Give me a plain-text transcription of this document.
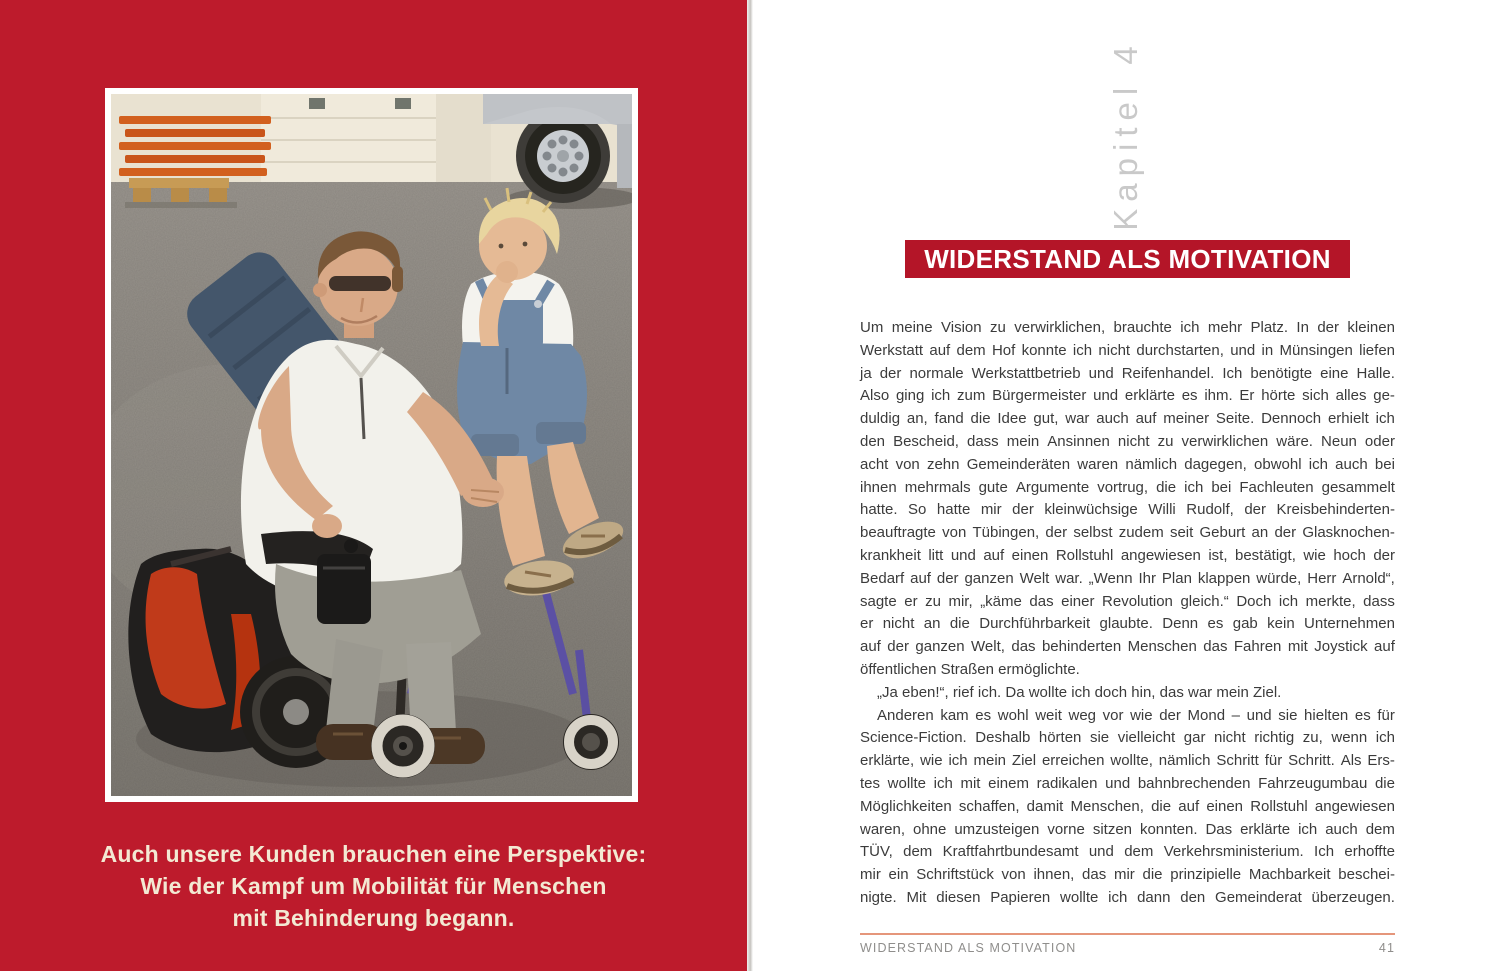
Auch unsere Kunden brauchen eine Perspektive:
Wie der Kampf um Mobilität für Menschen
mit Behinderung begann.
Kapitel 4
WIDERSTAND ALS MOTIVATION
Um meine Vision zu verwirklichen, brauchte ich mehr Platz. In der kleinen
Werkstatt auf dem Hof konnte ich nicht durchstarten, und in Münsingen liefen
ja der normale Werkstattbetrieb und Reifenhandel. Ich benötigte eine Halle.
Also ging ich zum Bürgermeister und erklärte es ihm. Er hörte sich alles ge-
duldig an, fand die Idee gut, war auch auf meiner Seite. Dennoch erhielt ich
den Bescheid, dass mein Ansinnen nicht zu verwirklichen wäre. Neun oder
acht von zehn Gemeinderäten waren nämlich dagegen, obwohl ich auch bei
ihnen mehrmals gute Argumente vortrug, die ich bei Fachleuten gesammelt
hatte. So hatte mir der kleinwüchsige Willi Rudolf, der Kreisbehinderten-
beauftragte von Tübingen, der selbst zudem seit Geburt an der Glasknochen-
krankheit litt und auf einen Rollstuhl angewiesen ist, bestätigt, wie hoch der
Bedarf auf der ganzen Welt war. „Wenn Ihr Plan klappen würde, Herr Arnold“,
sagte er zu mir, „käme das einer Revolution gleich.“ Doch ich merkte, dass
er nicht an die Durchführbarkeit glaubte. Denn es gab kein Unternehmen
auf der ganzen Welt, das behinderten Menschen das Fahren mit Joystick auf
öffentlichen Straßen ermöglichte.
„Ja eben!“, rief ich. Da wollte ich doch hin, das war mein Ziel.
Anderen kam es wohl weit weg vor wie der Mond – und sie hielten es für
Science-Fiction. Deshalb hörten sie vielleicht gar nicht richtig zu, wenn ich
erklärte, wie ich mein Ziel erreichen wollte, nämlich Schritt für Schritt. Als Ers-
tes wollte ich mit einem radikalen und bahnbrechenden Fahrzeugumbau die
Möglichkeiten schaffen, damit Menschen, die auf einen Rollstuhl angewiesen
waren, ohne umzusteigen vorne sitzen konnten. Das erklärte ich auch dem
TÜV, dem Kraftfahrtbundesamt und dem Verkehrsministerium. Ich erhoffte
mir ein Schriftstück von ihnen, das mir die prinzipielle Machbarkeit beschei-
nigte. Mit diesen Papieren wollte ich dann den Gemeinderat überzeugen.
WIDERSTAND ALS MOTIVATION	41
